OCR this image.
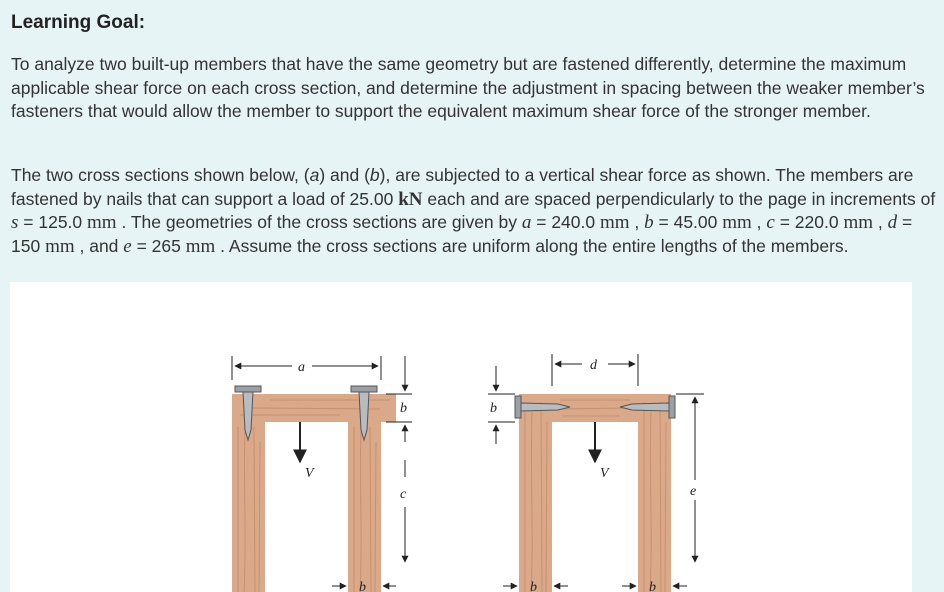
Learning Goal:

To analyze two built-up members that have the same geometry but are fastened differently, determine the maximum applicable shear force on each cross section, and determine the adjustment in spacing between the weaker member’s fasteners that would allow the member to support the equivalent maximum shear force of the stronger member.

The two cross sections shown below, (a) and (b), are subjected to a vertical shear force as shown. The members are fastened by nails that can support a load of 25.00 kN each and are spaced perpendicularly to the page in increments of s = 125.0 mm . The geometries of the cross sections are given by a = 240.0 mm , b = 45.00 mm , c = 220.0 mm , d = 150 mm , and e = 265 mm . Assume the cross sections are uniform along the entire lengths of the members.

a
b
c
V
b
d
b
e
V
b	b
